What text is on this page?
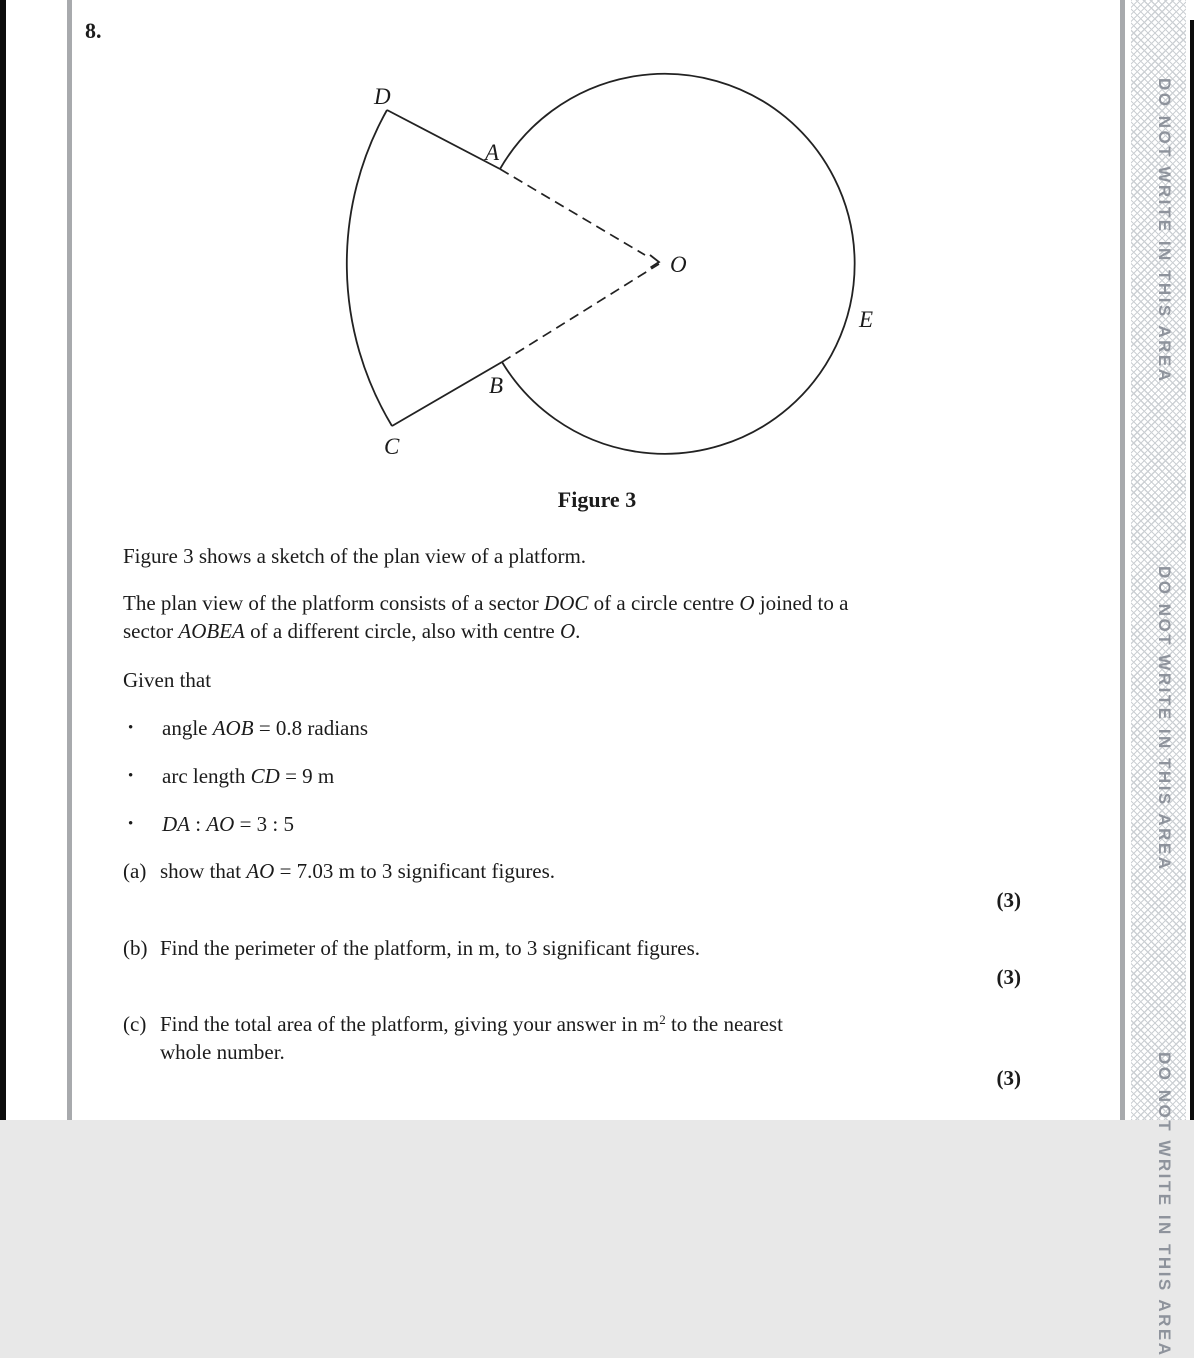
8.
D
A
O
B
C
E
Figure 3

Figure 3 shows a sketch of the plan view of a platform.

The plan view of the platform consists of a sector DOC of a circle centre O joined to a
sector AOBEA of a different circle, also with centre O.

Given that

•	angle AOB = 0.8 radians
•	arc length CD = 9 m
•	DA : AO = 3 : 5
(a) show that AO = 7.03 m to 3 significant figures.

(3)

(b) Find the perimeter of the platform, in m, to 3 significant figures.

(3)

(c) Find the total area of the platform, giving your answer in $m^2$ to the nearest
whole number.

(3)

DO NOT WRITE IN THIS AREA
DO NOT WRITE IN THIS AREA
DO NOT WRITE IN THIS AREA
